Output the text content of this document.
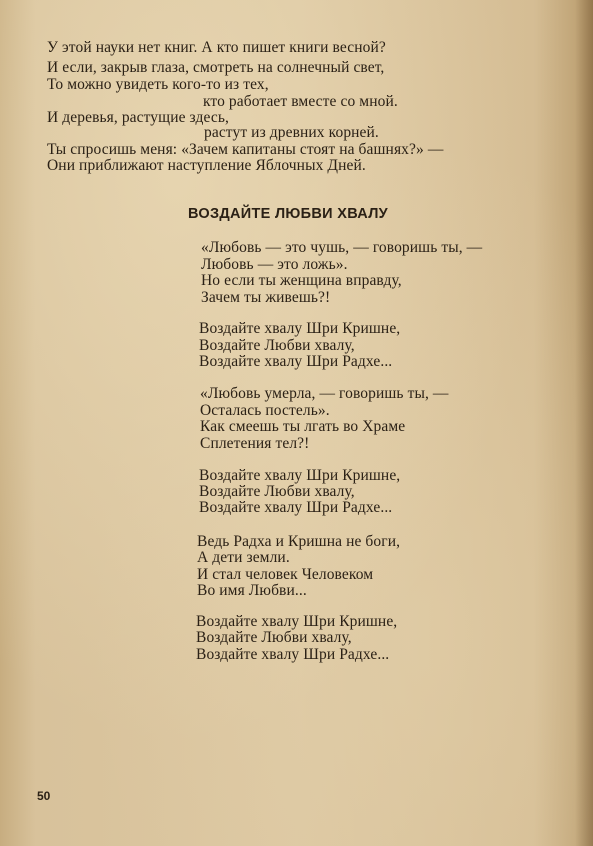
У этой науки нет книг. А кто пишет книги весной?
И если, закрыв глаза, смотреть на солнечный свет,
То можно увидеть кого-то из тех,
кто работает вместе со мной.
И деревья, растущие здесь,
растут из древних корней.
Ты спросишь меня: «Зачем капитаны стоят на башнях?» —
Они приближают наступление Яблочных Дней.
ВОЗДАЙТЕ ЛЮБВИ ХВАЛУ
«Любовь — это чушь, — говоришь ты, —
Любовь — это ложь».
Но если ты женщина вправду,
Зачем ты живешь?!
Воздайте хвалу Шри Кришне,
Воздайте Любви хвалу,
Воздайте хвалу Шри Радхе...
«Любовь умерла, — говоришь ты, —
Осталась постель».
Как смеешь ты лгать во Храме
Сплетения тел?!
Воздайте хвалу Шри Кришне,
Воздайте Любви хвалу,
Воздайте хвалу Шри Радхе...
Ведь Радха и Кришна не боги,
А дети земли.
И стал человек Человеком
Во имя Любви...
Воздайте хвалу Шри Кришне,
Воздайте Любви хвалу,
Воздайте хвалу Шри Радхе...
50
